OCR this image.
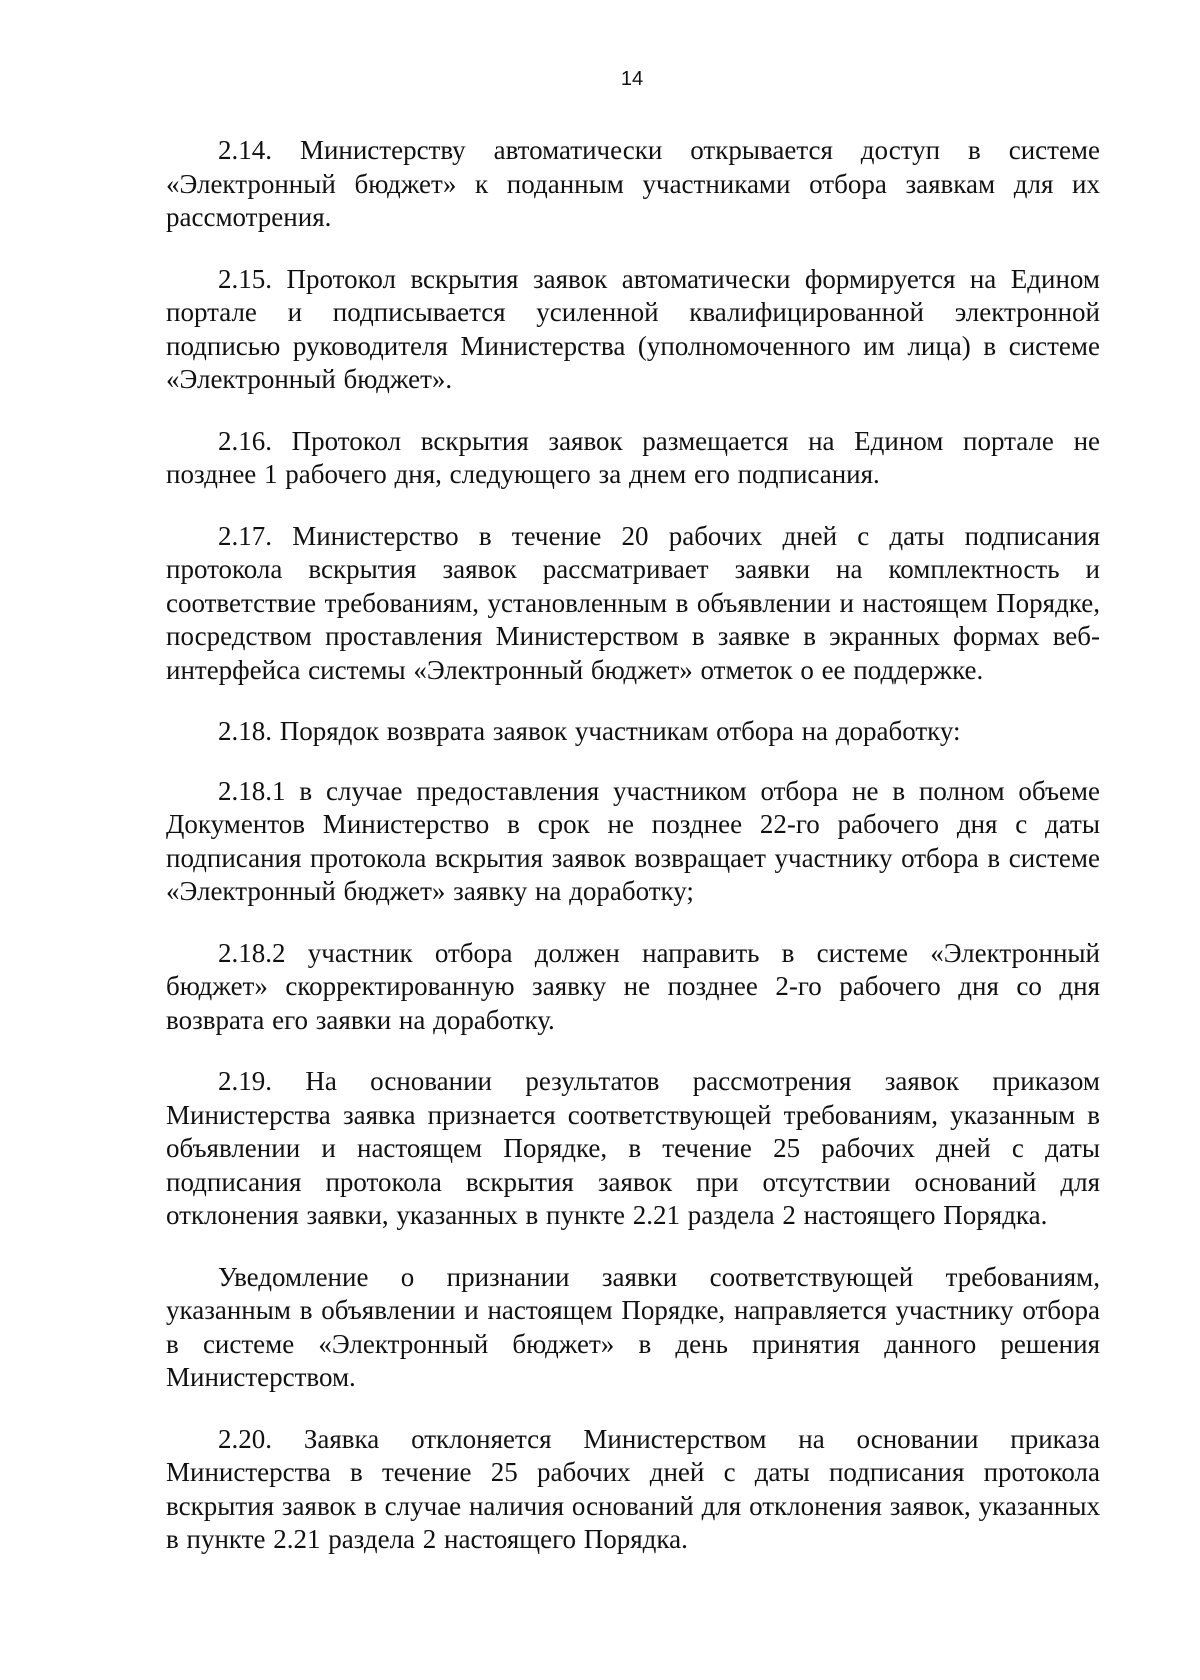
14

2.14. Министерству автоматически открывается доступ в системе «Электронный бюджет» к поданным участниками отбора заявкам для их рассмотрения.

2.15. Протокол вскрытия заявок автоматически формируется на Едином портале и подписывается усиленной квалифицированной электронной подписью руководителя Министерства (уполномоченного им лица) в системе «Электронный бюджет».

2.16. Протокол вскрытия заявок размещается на Едином портале не позднее 1 рабочего дня, следующего за днем его подписания.

2.17. Министерство в течение 20 рабочих дней с даты подписания протокола вскрытия заявок рассматривает заявки на комплектность и соответствие требованиям, установленным в объявлении и настоящем Порядке, посредством проставления Министерством в заявке в экранных формах веб-интерфейса системы «Электронный бюджет» отметок о ее поддержке.

2.18. Порядок возврата заявок участникам отбора на доработку:

2.18.1 в случае предоставления участником отбора не в полном объеме Документов Министерство в срок не позднее 22-го рабочего дня с даты подписания протокола вскрытия заявок возвращает участнику отбора в системе «Электронный бюджет» заявку на доработку;

2.18.2 участник отбора должен направить в системе «Электронный бюджет» скорректированную заявку не позднее 2-го рабочего дня со дня возврата его заявки на доработку.

2.19. На основании результатов рассмотрения заявок приказом Министерства заявка признается соответствующей требованиям, указанным в объявлении и настоящем Порядке, в течение 25 рабочих дней с даты подписания протокола вскрытия заявок при отсутствии оснований для отклонения заявки, указанных в пункте 2.21 раздела 2 настоящего Порядка.

Уведомление о признании заявки соответствующей требованиям, указанным в объявлении и настоящем Порядке, направляется участнику отбора в системе «Электронный бюджет» в день принятия данного решения Министерством.

2.20. Заявка отклоняется Министерством на основании приказа Министерства в течение 25 рабочих дней с даты подписания протокола вскрытия заявок в случае наличия оснований для отклонения заявок, указанных в пункте 2.21 раздела 2 настоящего Порядка.
